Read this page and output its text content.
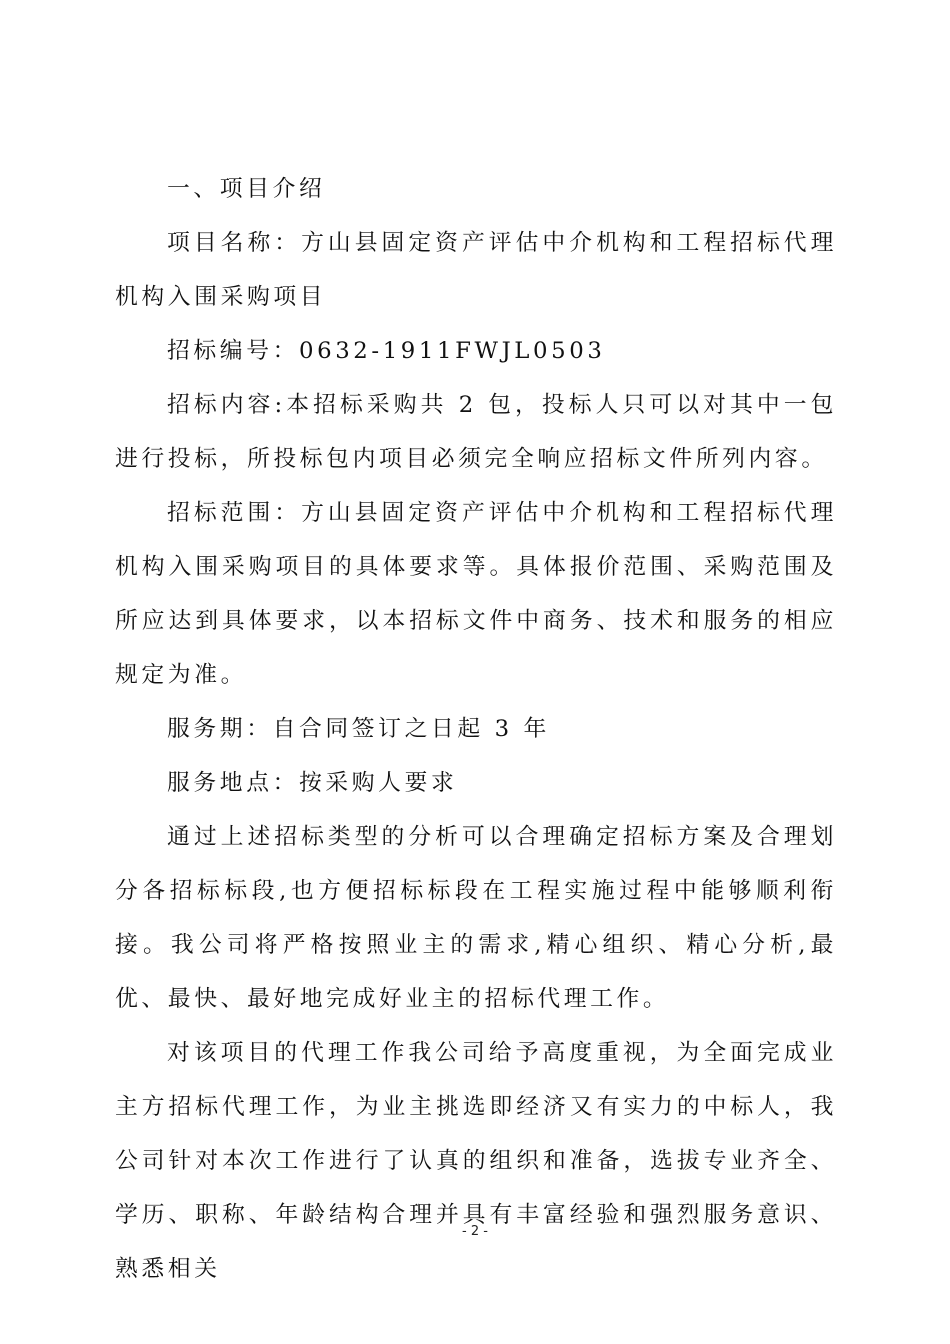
一、项目介绍

项目名称：方山县固定资产评估中介机构和工程招标代理机构入围采购项目

招标编号：0632-1911FWJL0503

招标内容:本招标采购共 2 包，投标人只可以对其中一包进行投标，所投标包内项目必须完全响应招标文件所列内容。

招标范围：方山县固定资产评估中介机构和工程招标代理机构入围采购项目的具体要求等。具体报价范围、采购范围及所应达到具体要求，以本招标文件中商务、技术和服务的相应规定为准。

服务期：自合同签订之日起 3 年

服务地点：按采购人要求

通过上述招标类型的分析可以合理确定招标方案及合理划分各招标标段,也方便招标标段在工程实施过程中能够顺利衔接。我公司将严格按照业主的需求,精心组织、精心分析,最优、最快、最好地完成好业主的招标代理工作。

对该项目的代理工作我公司给予高度重视，为全面完成业主方招标代理工作，为业主挑选即经济又有实力的中标人，我公司针对本次工作进行了认真的组织和准备，选拔专业齐全、学历、职称、年龄结构合理并具有丰富经验和强烈服务意识、熟悉相关

- 2 -
